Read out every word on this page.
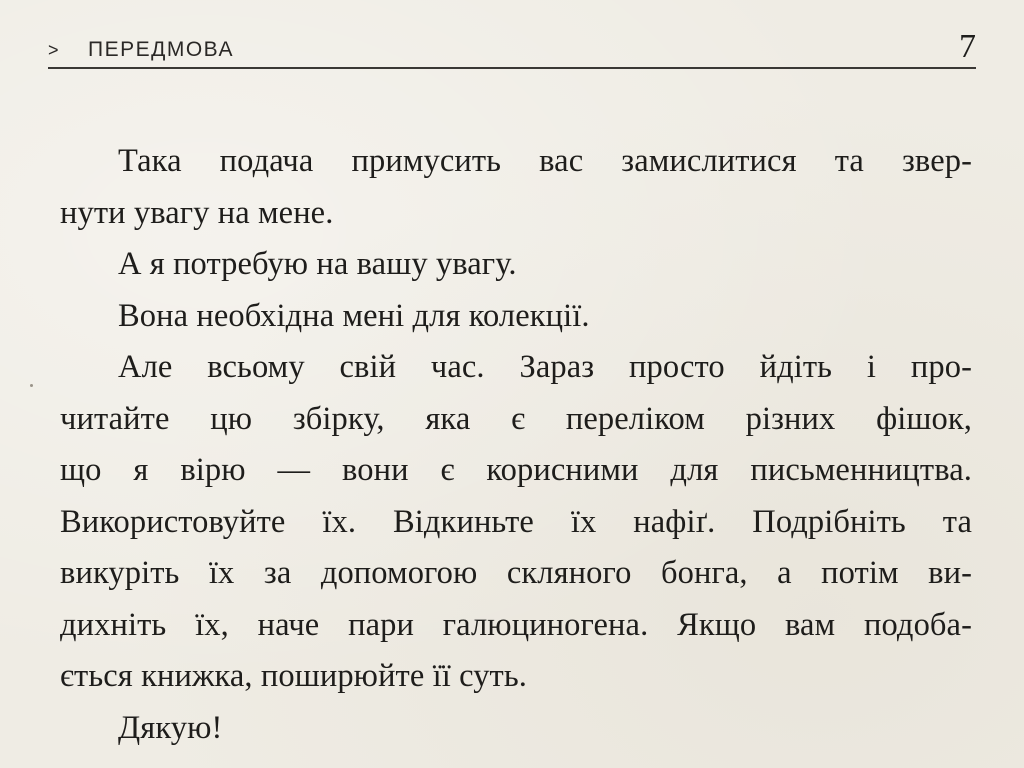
> ПЕРЕДМОВА	7

Така подача примусить вас замислитися та звер-
нути увагу на мене.

А я потребую на вашу увагу.

Вона необхідна мені для колекції.

Але всьому свій час. Зараз просто йдіть і про-
читайте цю збірку, яка є переліком різних фішок,
що я вірю — вони є корисними для письменництва.
Використовуйте їх. Відкиньте їх нафіґ. Подрібніть та
викуріть їх за допомогою скляного бонга, а потім ви-
дихніть їх, наче пари галюциногена. Якщо вам подоба-
ється книжка, поширюйте її суть.

Дякую!
